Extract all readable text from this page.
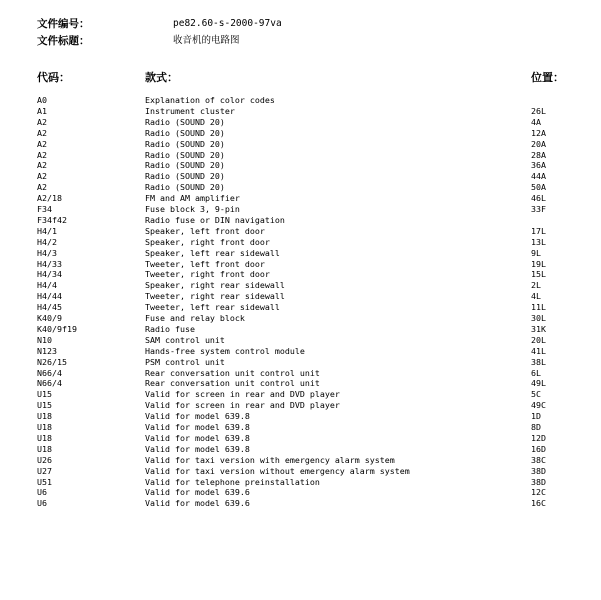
文件编号：	pe82.60-s-2000-97va
文件标题：	收音机的电路图
代码：	款式：	位置：
A0	Explanation of color codes
A1	Instrument cluster	26L
A2	Radio (SOUND 20)	4A
A2	Radio (SOUND 20)	12A
A2	Radio (SOUND 20)	20A
A2	Radio (SOUND 20)	28A
A2	Radio (SOUND 20)	36A
A2	Radio (SOUND 20)	44A
A2	Radio (SOUND 20)	50A
A2/18	FM and AM amplifier	46L
F34	Fuse block 3, 9-pin	33F
F34f42	Radio fuse or DIN navigation
H4/1	Speaker, left front door	17L
H4/2	Speaker, right front door	13L
H4/3	Speaker, left rear sidewall	9L
H4/33	Tweeter, left front door	19L
H4/34	Tweeter, right front door	15L
H4/4	Speaker, right rear sidewall	2L
H4/44	Tweeter, right rear sidewall	4L
H4/45	Tweeter, left rear sidewall	11L
K40/9	Fuse and relay block	30L
K40/9f19	Radio fuse	31K
N10	SAM control unit	20L
N123	Hands-free system control module	41L
N26/15	PSM control unit	38L
N66/4	Rear conversation unit control unit	6L
N66/4	Rear conversation unit control unit	49L
U15	Valid for screen in rear and DVD player	5C
U15	Valid for screen in rear and DVD player	49C
U18	Valid for model 639.8	1D
U18	Valid for model 639.8	8D
U18	Valid for model 639.8	12D
U18	Valid for model 639.8	16D
U26	Valid for taxi version with emergency alarm system	38C
U27	Valid for taxi version without emergency alarm system	38D
U51	Valid for telephone preinstallation	38D
U6	Valid for model 639.6	12C
U6	Valid for model 639.6	16C
